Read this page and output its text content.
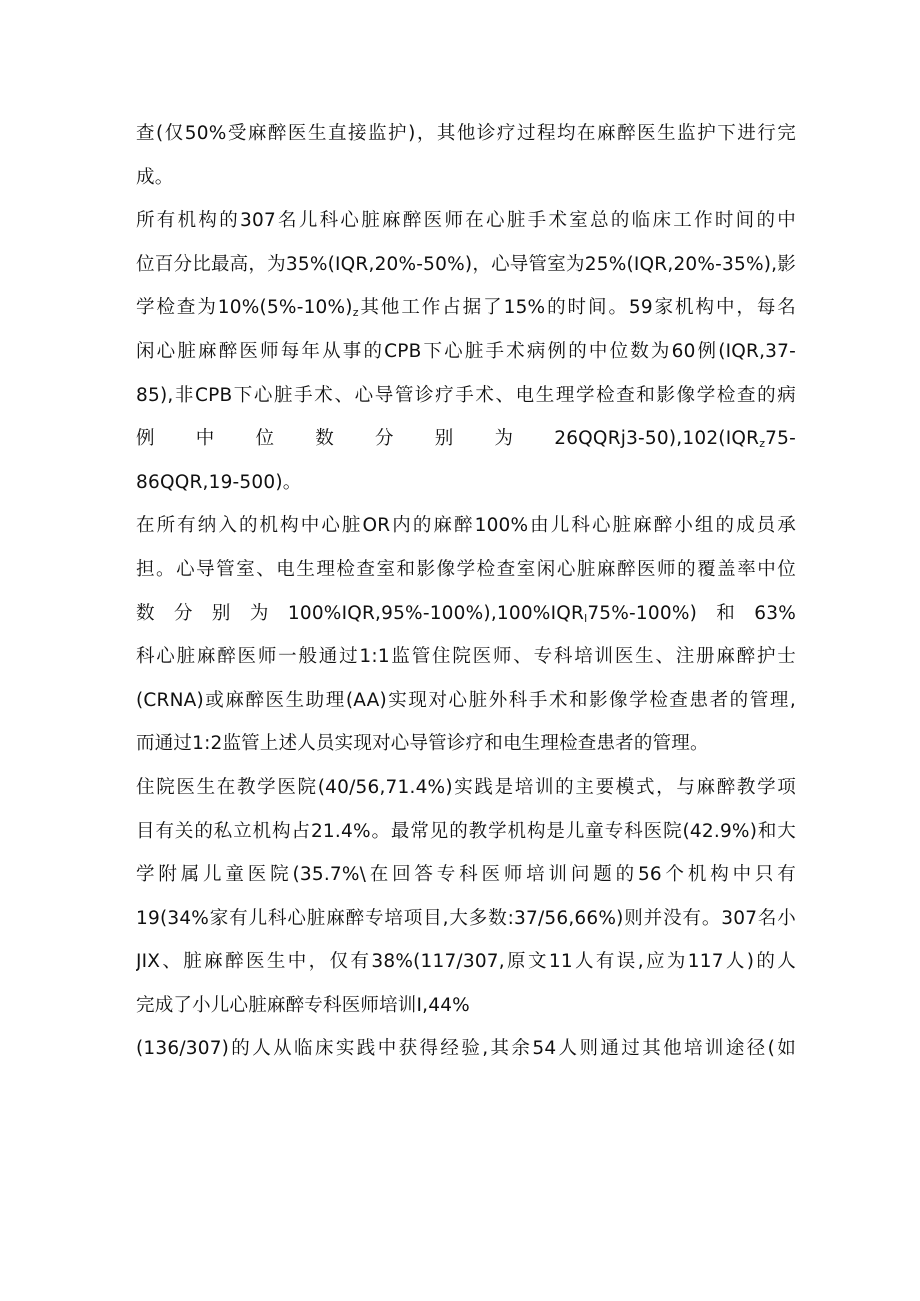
查(仅50%受麻醉医生直接监护)，其他诊疗过程均在麻醉医生监护下进行完
成。
所有机构的307名儿科心脏麻醉医师在心脏手术室总的临床工作时间的中
位百分比最高，为35%(IQR,20%-50%)，心导管室为25%(IQR,20%-35%),影
学检查为$10\%(5\%-10\%)_z$其他工作占据了15%的时间。59家机构中，每名
闲心脏麻醉医师每年从事的CPB下心脏手术病例的中位数为60例(IQR,37-
85),非CPB下心脏手术、心导管诊疗手术、电生理学检查和影像学检查的病
例 中 位 数 分 别 为 $26QQRj3-50),102(IQR_z75-$
86QQR,19-500)。
在所有纳入的机构中心脏OR内的麻醉100%由儿科心脏麻醉小组的成员承
担。心导管室、电生理检查室和影像学检查室闲心脏麻醉医师的覆盖率中位
数分别为$100\%IQR,95\%-100\%),100\%IQR_l75\%-100\%$)和63%
科心脏麻醉医师一般通过1:1监管住院医师、专科培训医生、注册麻醉护士
(CRNA)或麻醉医生助理(AA)实现对心脏外科手术和影像学检查患者的管理,
而通过1:2监管上述人员实现对心导管诊疗和电生理检查患者的管理。
住院医生在教学医院(40/56,71.4%)实践是培训的主要模式，与麻醉教学项
目有关的私立机构占21.4%。最常见的教学机构是儿童专科医院(42.9%)和大
学附属儿童医院(35.7%\在回答专科医师培训问题的56个机构中只有
19(34%家有儿科心脏麻醉专培项目,大多数:37/56,66%)则并没有。307名小
JIX、脏麻醉医生中，仅有38%(117/307,原文11人有误,应为117人)的人
完成了小儿心脏麻醉专科医师培训I,44%
(136/307)的人从临床实践中获得经验,其余54人则通过其他培训途径(如
